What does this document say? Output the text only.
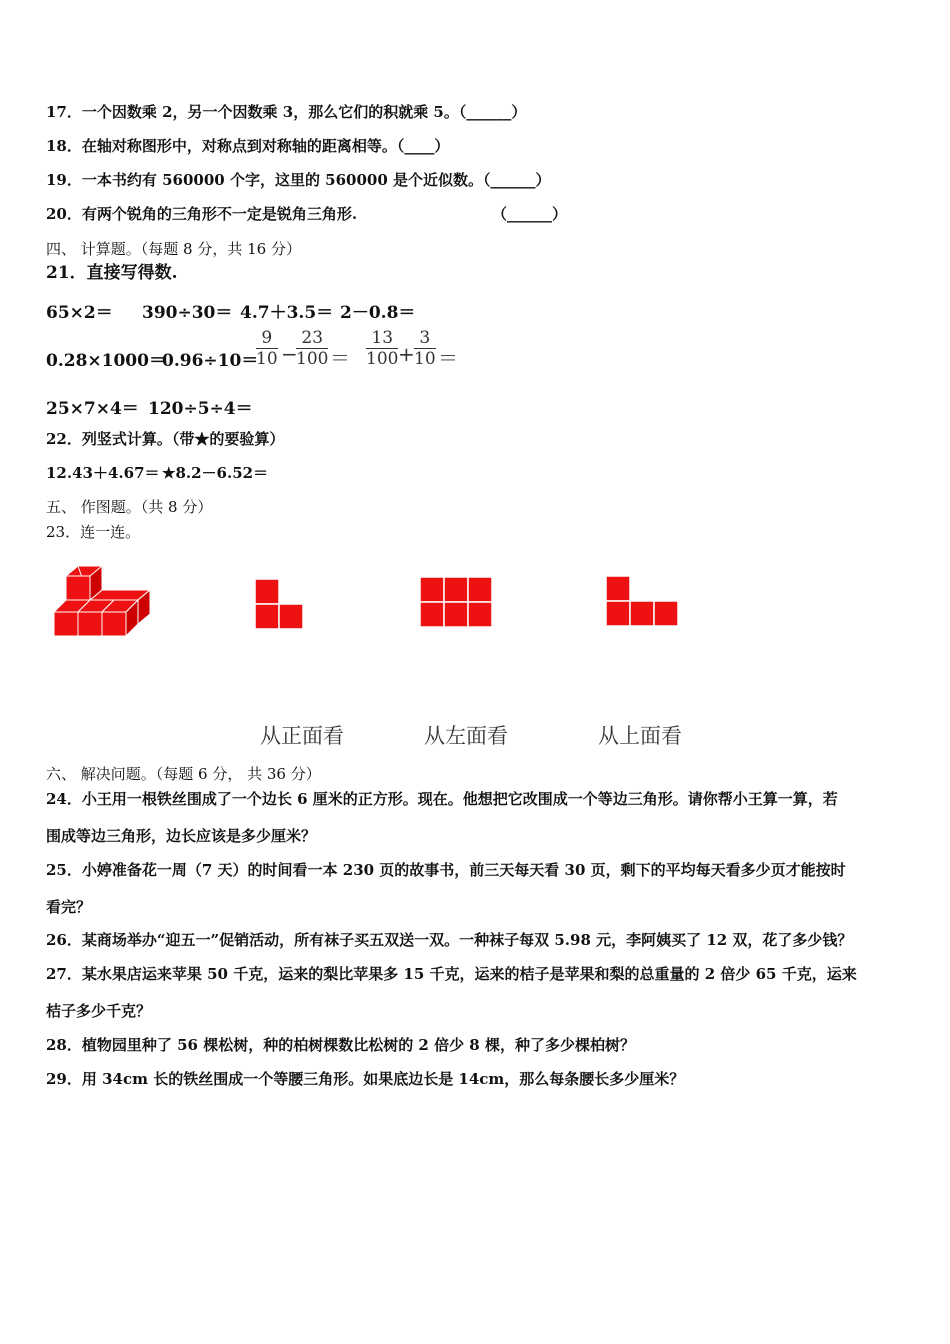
17．一个因数乘 2，另一个因数乘 3，那么它们的积就乘 5。（______）
18．在轴对称图形中，对称点到对称轴的距离相等。（____）
19．一本书约有 560000 个字，这里的 560000 是个近似数。（______）
20．有两个锐角的三角形不一定是锐角三角形.	（______）
四、 计算题。（每题 8 分，共 16 分）
21．直接写得数.
65×2＝ 390÷30＝ 4.7＋3.5＝ 2－0.8＝
0.28×1000＝
0.96÷10＝
$\frac{9}{10}$ −
$\frac{23}{100} = \frac{13}{100} + \frac{3}{10}$ ＝
25×7×4＝ 120÷5÷4＝
22．列竖式计算。（带★的要验算）
12.43＋4.67＝ ★8.2－6.52＝
五、 作图题。（共 8 分）
23．连一连。
从正面看	从左面看	从上面看
六、 解决问题。（每题 6 分， 共 36 分）
24．小王用一根铁丝围成了一个边长 6 厘米的正方形。现在。他想把它改围成一个等边三角形。请你帮小王算一算，若
围成等边三角形，边长应该是多少厘米？
25．小婷准备花一周（7 天）的时间看一本 230 页的故事书，前三天每天看 30 页，剩下的平均每天看多少页才能按时
看完？
26．某商场举办“迎五一”促销活动，所有袜子买五双送一双。一种袜子每双 5.98 元，李阿姨买了 12 双，花了多少钱？
27．某水果店运来苹果 50 千克，运来的梨比苹果多 15 千克，运来的桔子是苹果和梨的总重量的 2 倍少 65 千克，运来
桔子多少千克？
28．植物园里种了 56 棵松树，种的柏树棵数比松树的 2 倍少 8 棵，种了多少棵柏树？
29．用 34cm 长的铁丝围成一个等腰三角形。如果底边长是 14cm，那么每条腰长多少厘米？
